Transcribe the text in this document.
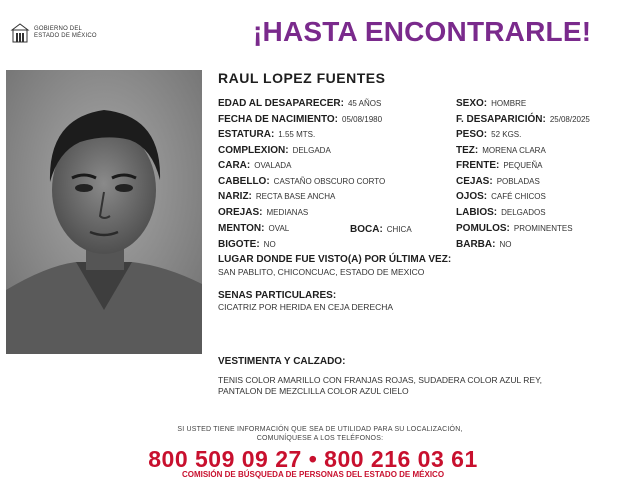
GOBIERNO DEL
ESTADO DE MÉXICO	¡HASTA ENCONTRARLE!
RAUL LOPEZ FUENTES
EDAD AL DESAPARECER: 45 AÑOS
FECHA DE NACIMIENTO: 05/08/1980
ESTATURA: 1.55 MTS.
COMPLEXION: DELGADA
CARA: OVALADA
CABELLO: CASTAÑO OBSCURO CORTO
NARIZ: RECTA BASE ANCHA
OREJAS: MEDIANAS
MENTON: OVAL
BIGOTE: NO
BOCA: CHICA
SEXO: HOMBRE
F. DESAPARICIÓN: 25/08/2025
PESO: 52 KGS.
TEZ: MORENA CLARA
FRENTE: PEQUEÑA
CEJAS: POBLADAS
OJOS: CAFÉ CHICOS
LABIOS: DELGADOS
POMULOS: PROMINENTES
BARBA: NO
LUGAR DONDE FUE VISTO(A) POR ÚLTIMA VEZ:
SAN PABLITO, CHICONCUAC, ESTADO DE MEXICO
SENAS PARTICULARES:
CICATRIZ POR HERIDA EN CEJA DERECHA
VESTIMENTA Y CALZADO:
TENIS COLOR AMARILLO CON FRANJAS ROJAS, SUDADERA COLOR AZUL REY,
PANTALON DE MEZCLILLA COLOR AZUL CIELO
SI USTED TIENE INFORMACIÓN QUE SEA DE UTILIDAD PARA SU LOCALIZACIÓN,
COMUNÍQUESE A LOS TELÉFONOS:
800 509 09 27 • 800 216 03 61
COMISIÓN DE BÚSQUEDA DE PERSONAS DEL ESTADO DE MÉXICO
